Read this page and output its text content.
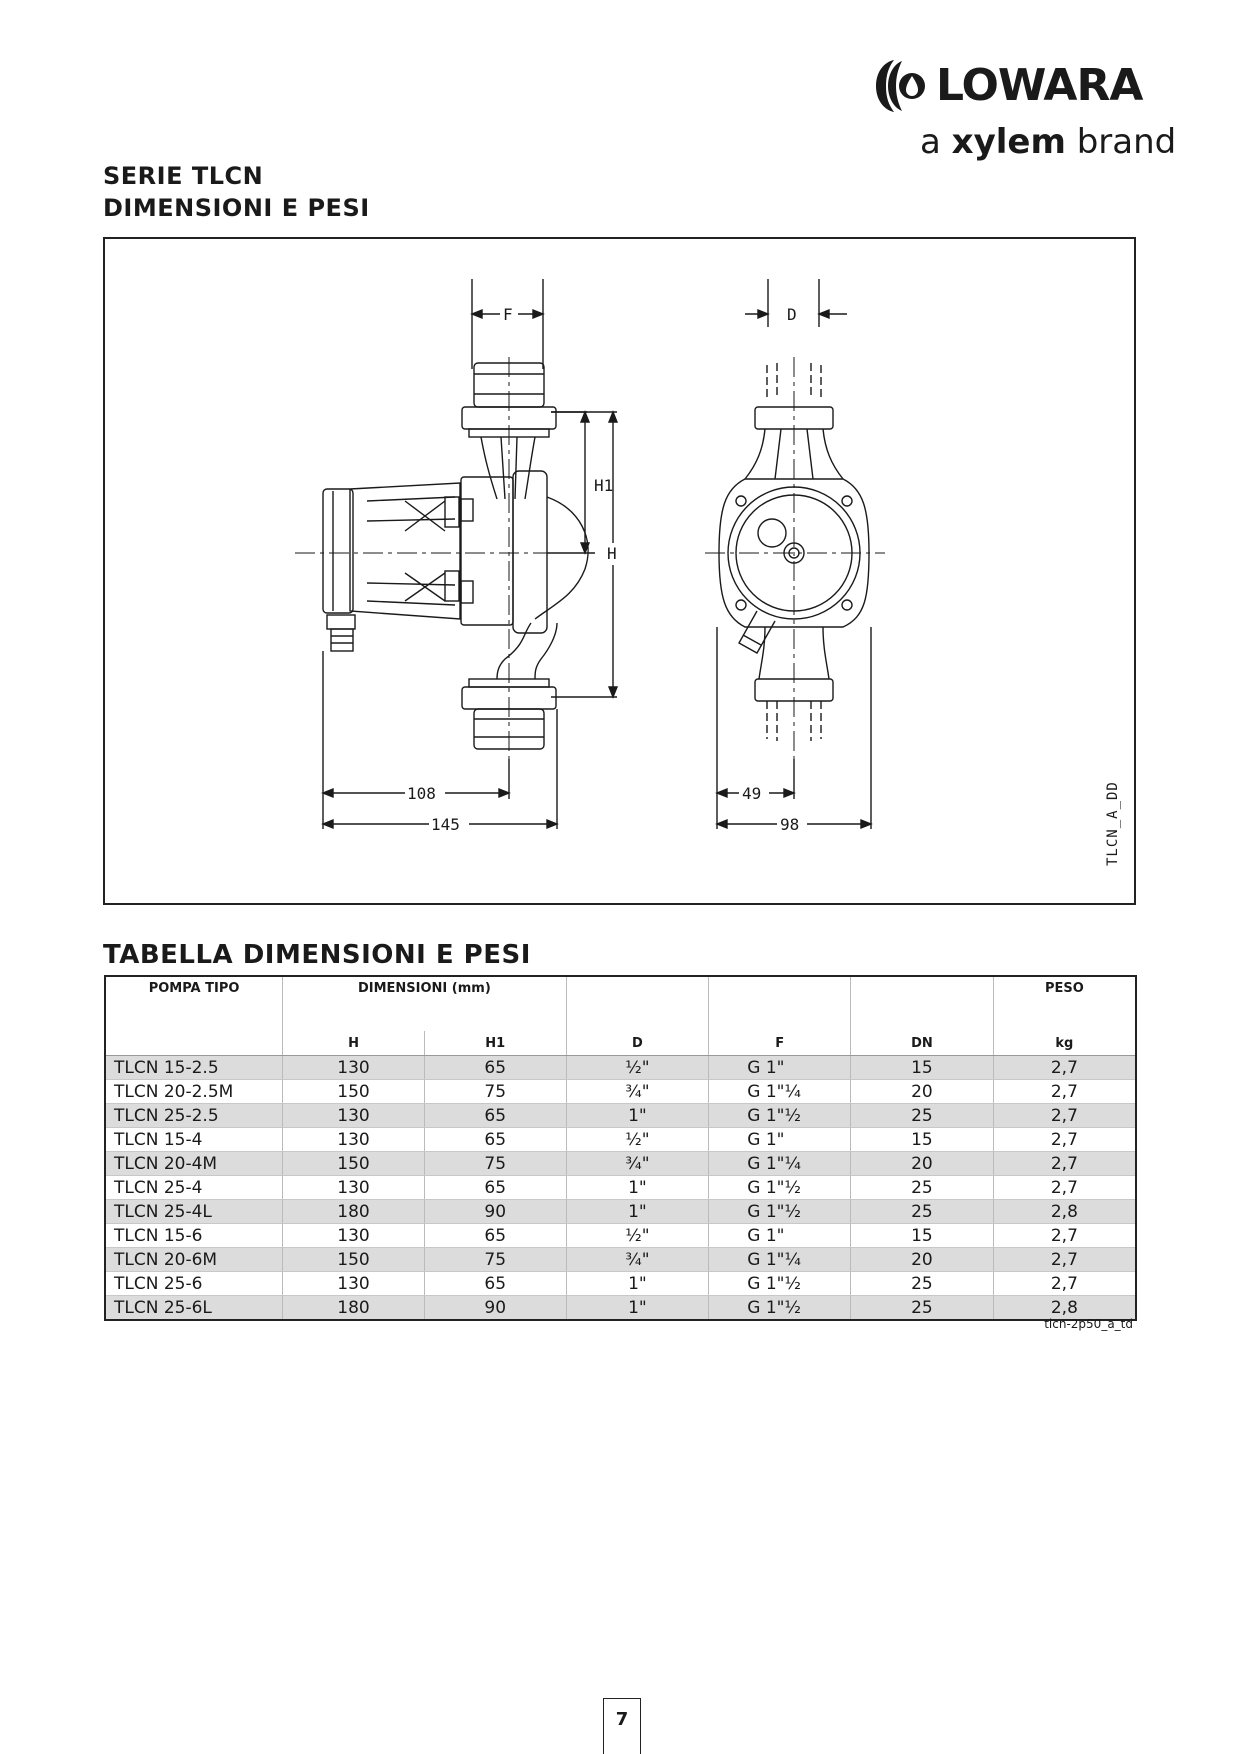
LOWARA
a xylem brand
SERIE TLCN
DIMENSIONI E PESI
F	D
H1
H
108
145
49
98	TLCN_A_DD
TABELLA DIMENSIONI E PESI
POMPA TIPO	DIMENSIONI (mm)					PESO
	H	H1	D	F	DN	kg
TLCN 15-2.5	130	65	½"	G 1"	15	2,7
TLCN 20-2.5M	150	75	¾"	G 1"¼	20	2,7
TLCN 25-2.5	130	65	1"	G 1"½	25	2,7
TLCN 15-4	130	65	½"	G 1"	15	2,7
TLCN 20-4M	150	75	¾"	G 1"¼	20	2,7
TLCN 25-4	130	65	1"	G 1"½	25	2,7
TLCN 25-4L	180	90	1"	G 1"½	25	2,8
TLCN 15-6	130	65	½"	G 1"	15	2,7
TLCN 20-6M	150	75	¾"	G 1"¼	20	2,7
TLCN 25-6	130	65	1"	G 1"½	25	2,7
TLCN 25-6L	180	90	1"	G 1"½	25	2,8
tlcn-2p50_a_td
7
